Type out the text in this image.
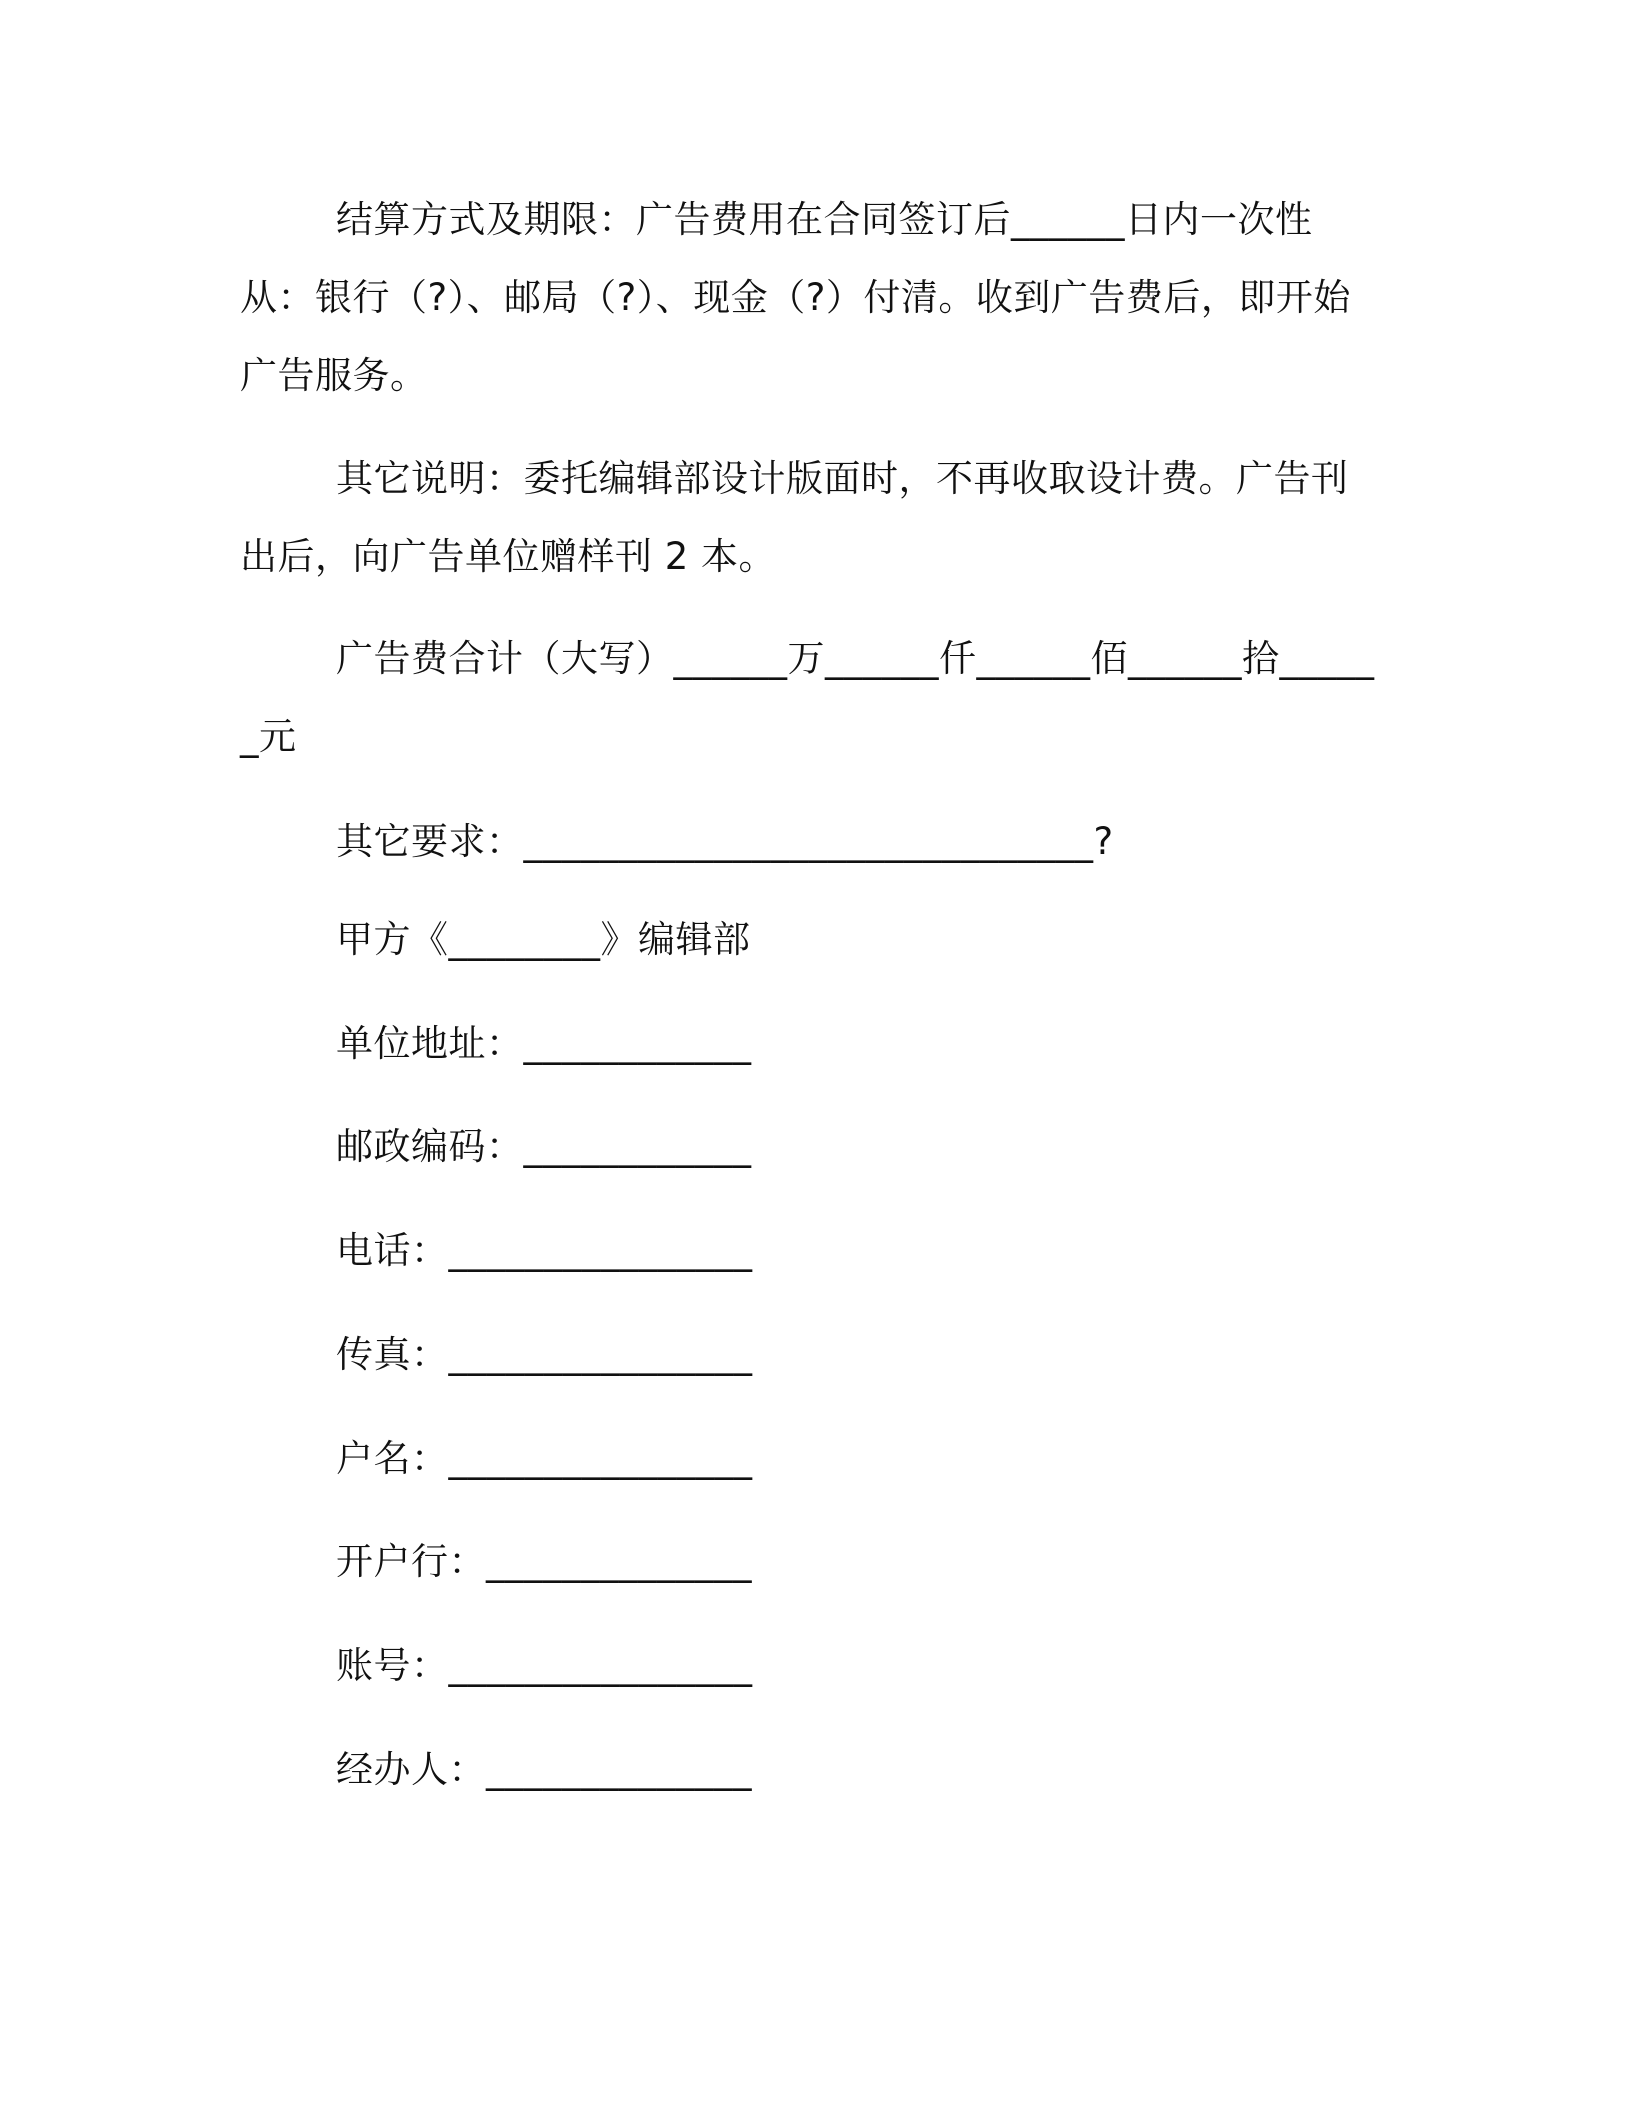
结算方式及期限：广告费用在合同签订后______日内一次性从：银行（?）、邮局（?）、现金（?）付清。收到广告费后，即开始广告服务。

其它说明：委托编辑部设计版面时，不再收取设计费。广告刊出后，向广告单位赠样刊 2 本。

广告费合计（大写）______万______仟______佰______拾______元

其它要求：______________________________?

甲方《________》编辑部

单位地址：____________

邮政编码：____________

电话：________________

传真：________________

户名：________________

开户行：______________

账号：________________

经办人：______________
